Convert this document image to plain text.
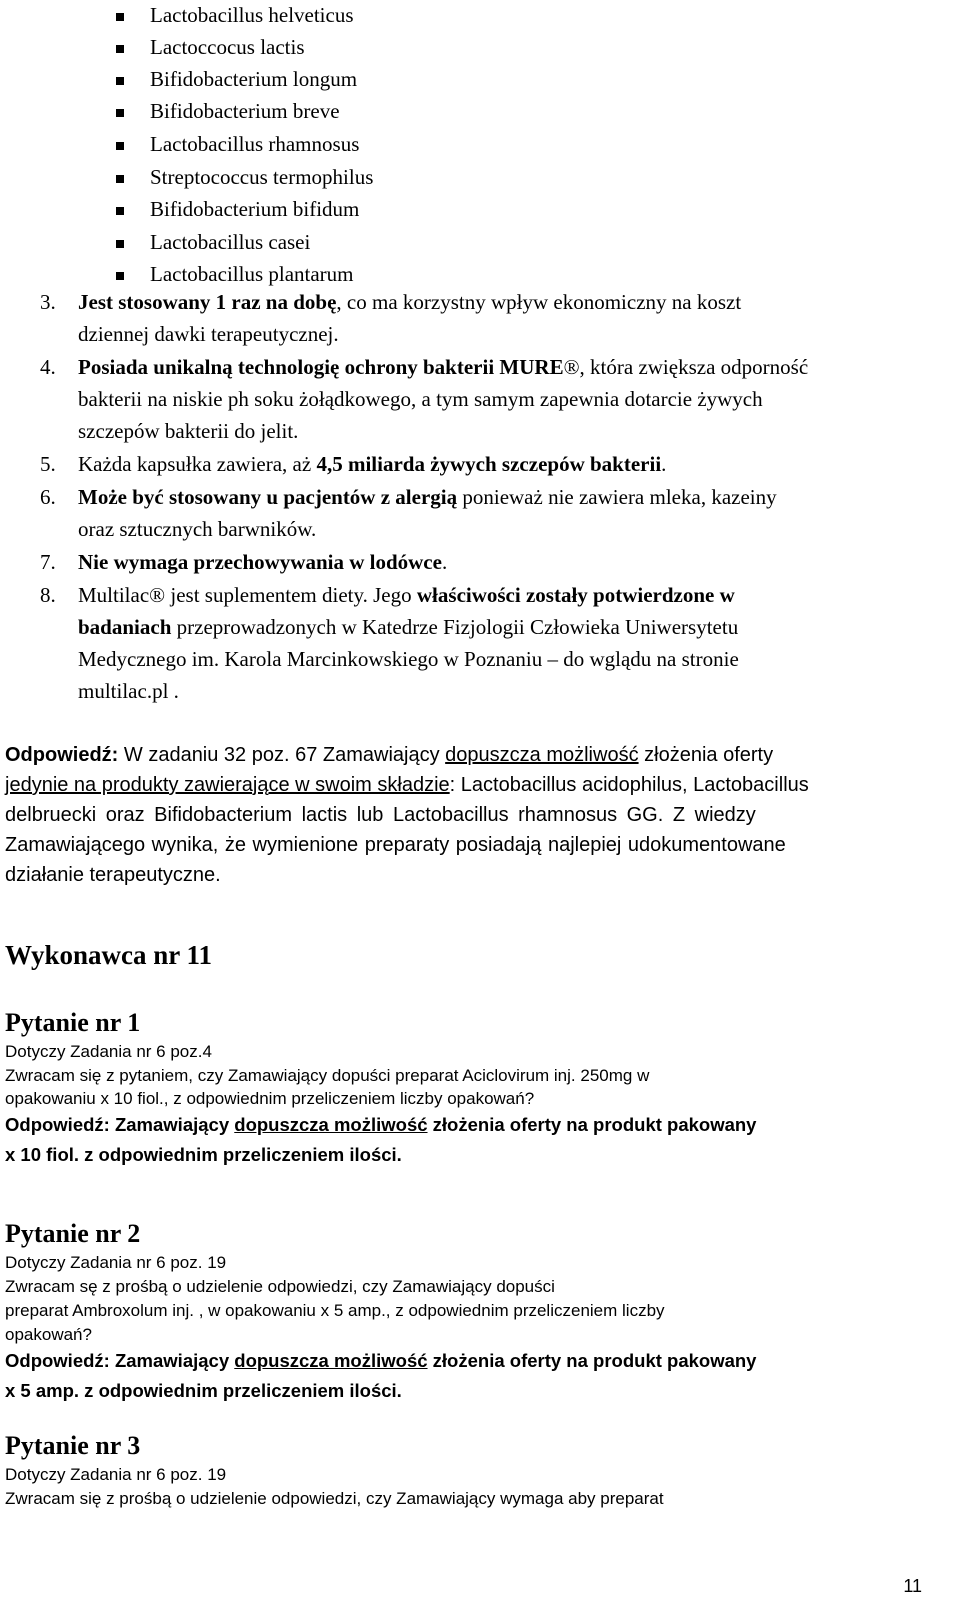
Lactobacillus helveticus
Lactoccocus lactis
Bifidobacterium longum
Bifidobacterium breve
Lactobacillus rhamnosus
Streptococcus termophilus
Bifidobacterium bifidum
Lactobacillus casei
Lactobacillus plantarum
3. Jest stosowany 1 raz na dobę, co ma korzystny wpływ ekonomiczny na koszt
dziennej dawki terapeutycznej.
4. Posiada unikalną technologię ochrony bakterii MURE®, która zwiększa odporność
bakterii na niskie ph soku żołądkowego, a tym samym zapewnia dotarcie żywych
szczepów bakterii do jelit.
5. Każda kapsułka zawiera, aż 4,5 miliarda żywych szczepów bakterii.
6. Może być stosowany u pacjentów z alergią ponieważ nie zawiera mleka, kazeiny
oraz sztucznych barwników.
7. Nie wymaga przechowywania w lodówce.
8. Multilac® jest suplementem diety. Jego właściwości zostały potwierdzone w
badaniach przeprowadzonych w Katedrze Fizjologii Człowieka Uniwersytetu
Medycznego im. Karola Marcinkowskiego w Poznaniu – do wglądu na stronie
multilac.pl .
Odpowiedź: W zadaniu 32 poz. 67 Zamawiający dopuszcza możliwość złożenia oferty
jedynie na produkty zawierające w swoim składzie: Lactobacillus acidophilus, Lactobacillus
delbruecki oraz Bifidobacterium lactis lub Lactobacillus rhamnosus GG. Z wiedzy
Zamawiającego wynika, że wymienione preparaty posiadają najlepiej udokumentowane
działanie terapeutyczne.
Wykonawca nr 11
Pytanie nr 1
Dotyczy Zadania nr 6 poz.4
Zwracam się z pytaniem, czy Zamawiający dopuści preparat Aciclovirum inj. 250mg w
opakowaniu x 10 fiol., z odpowiednim przeliczeniem liczby opakowań?
Odpowiedź: Zamawiający dopuszcza możliwość złożenia oferty na produkt pakowany
x 10 fiol. z odpowiednim przeliczeniem ilości.
Pytanie nr 2
Dotyczy Zadania nr 6 poz. 19
Zwracam sę z prośbą o udzielenie odpowiedzi, czy Zamawiający dopuści
preparat Ambroxolum inj. , w opakowaniu x 5 amp., z odpowiednim przeliczeniem liczby
opakowań?
Odpowiedź: Zamawiający dopuszcza możliwość złożenia oferty na produkt pakowany
x 5 amp. z odpowiednim przeliczeniem ilości.
Pytanie nr 3
Dotyczy Zadania nr 6 poz. 19
Zwracam się z prośbą o udzielenie odpowiedzi, czy Zamawiający wymaga aby preparat
11
